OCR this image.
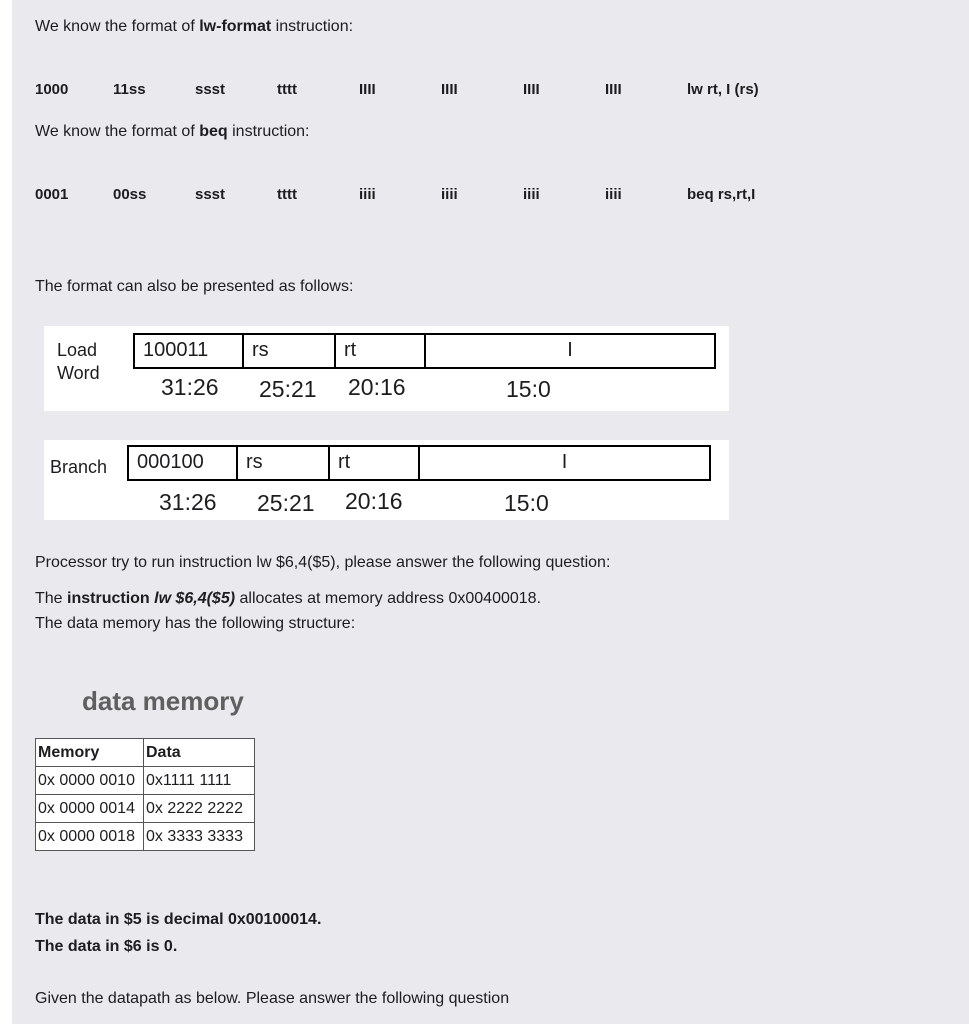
We know the format of lw-format instruction:
1000	11ss	ssst	tttt	IIII	IIII	IIII	IIII	lw rt, I (rs)
We know the format of beq instruction:
0001	00ss	ssst	tttt	iiii	iiii	iiii	iiii	beq rs,rt,I
The format can also be presented as follows:
Load
Word
100011	rs	rt	I
31:26 25:21 20:16	15:0
Branch	000100	rs	rt	I
31:26 25:21 20:16	15:0
Processor try to run instruction lw $6,4($5), please answer the following question:
The instruction lw $6,4($5) allocates at memory address 0x00400018.
The data memory has the following structure:
data memory
Memory	Data
0x 0000 0010	0x1111 1111
0x 0000 0014	0x 2222 2222
0x 0000 0018	0x 3333 3333
The data in $5 is decimal 0x00100014.
The data in $6 is 0.
Given the datapath as below. Please answer the following question
